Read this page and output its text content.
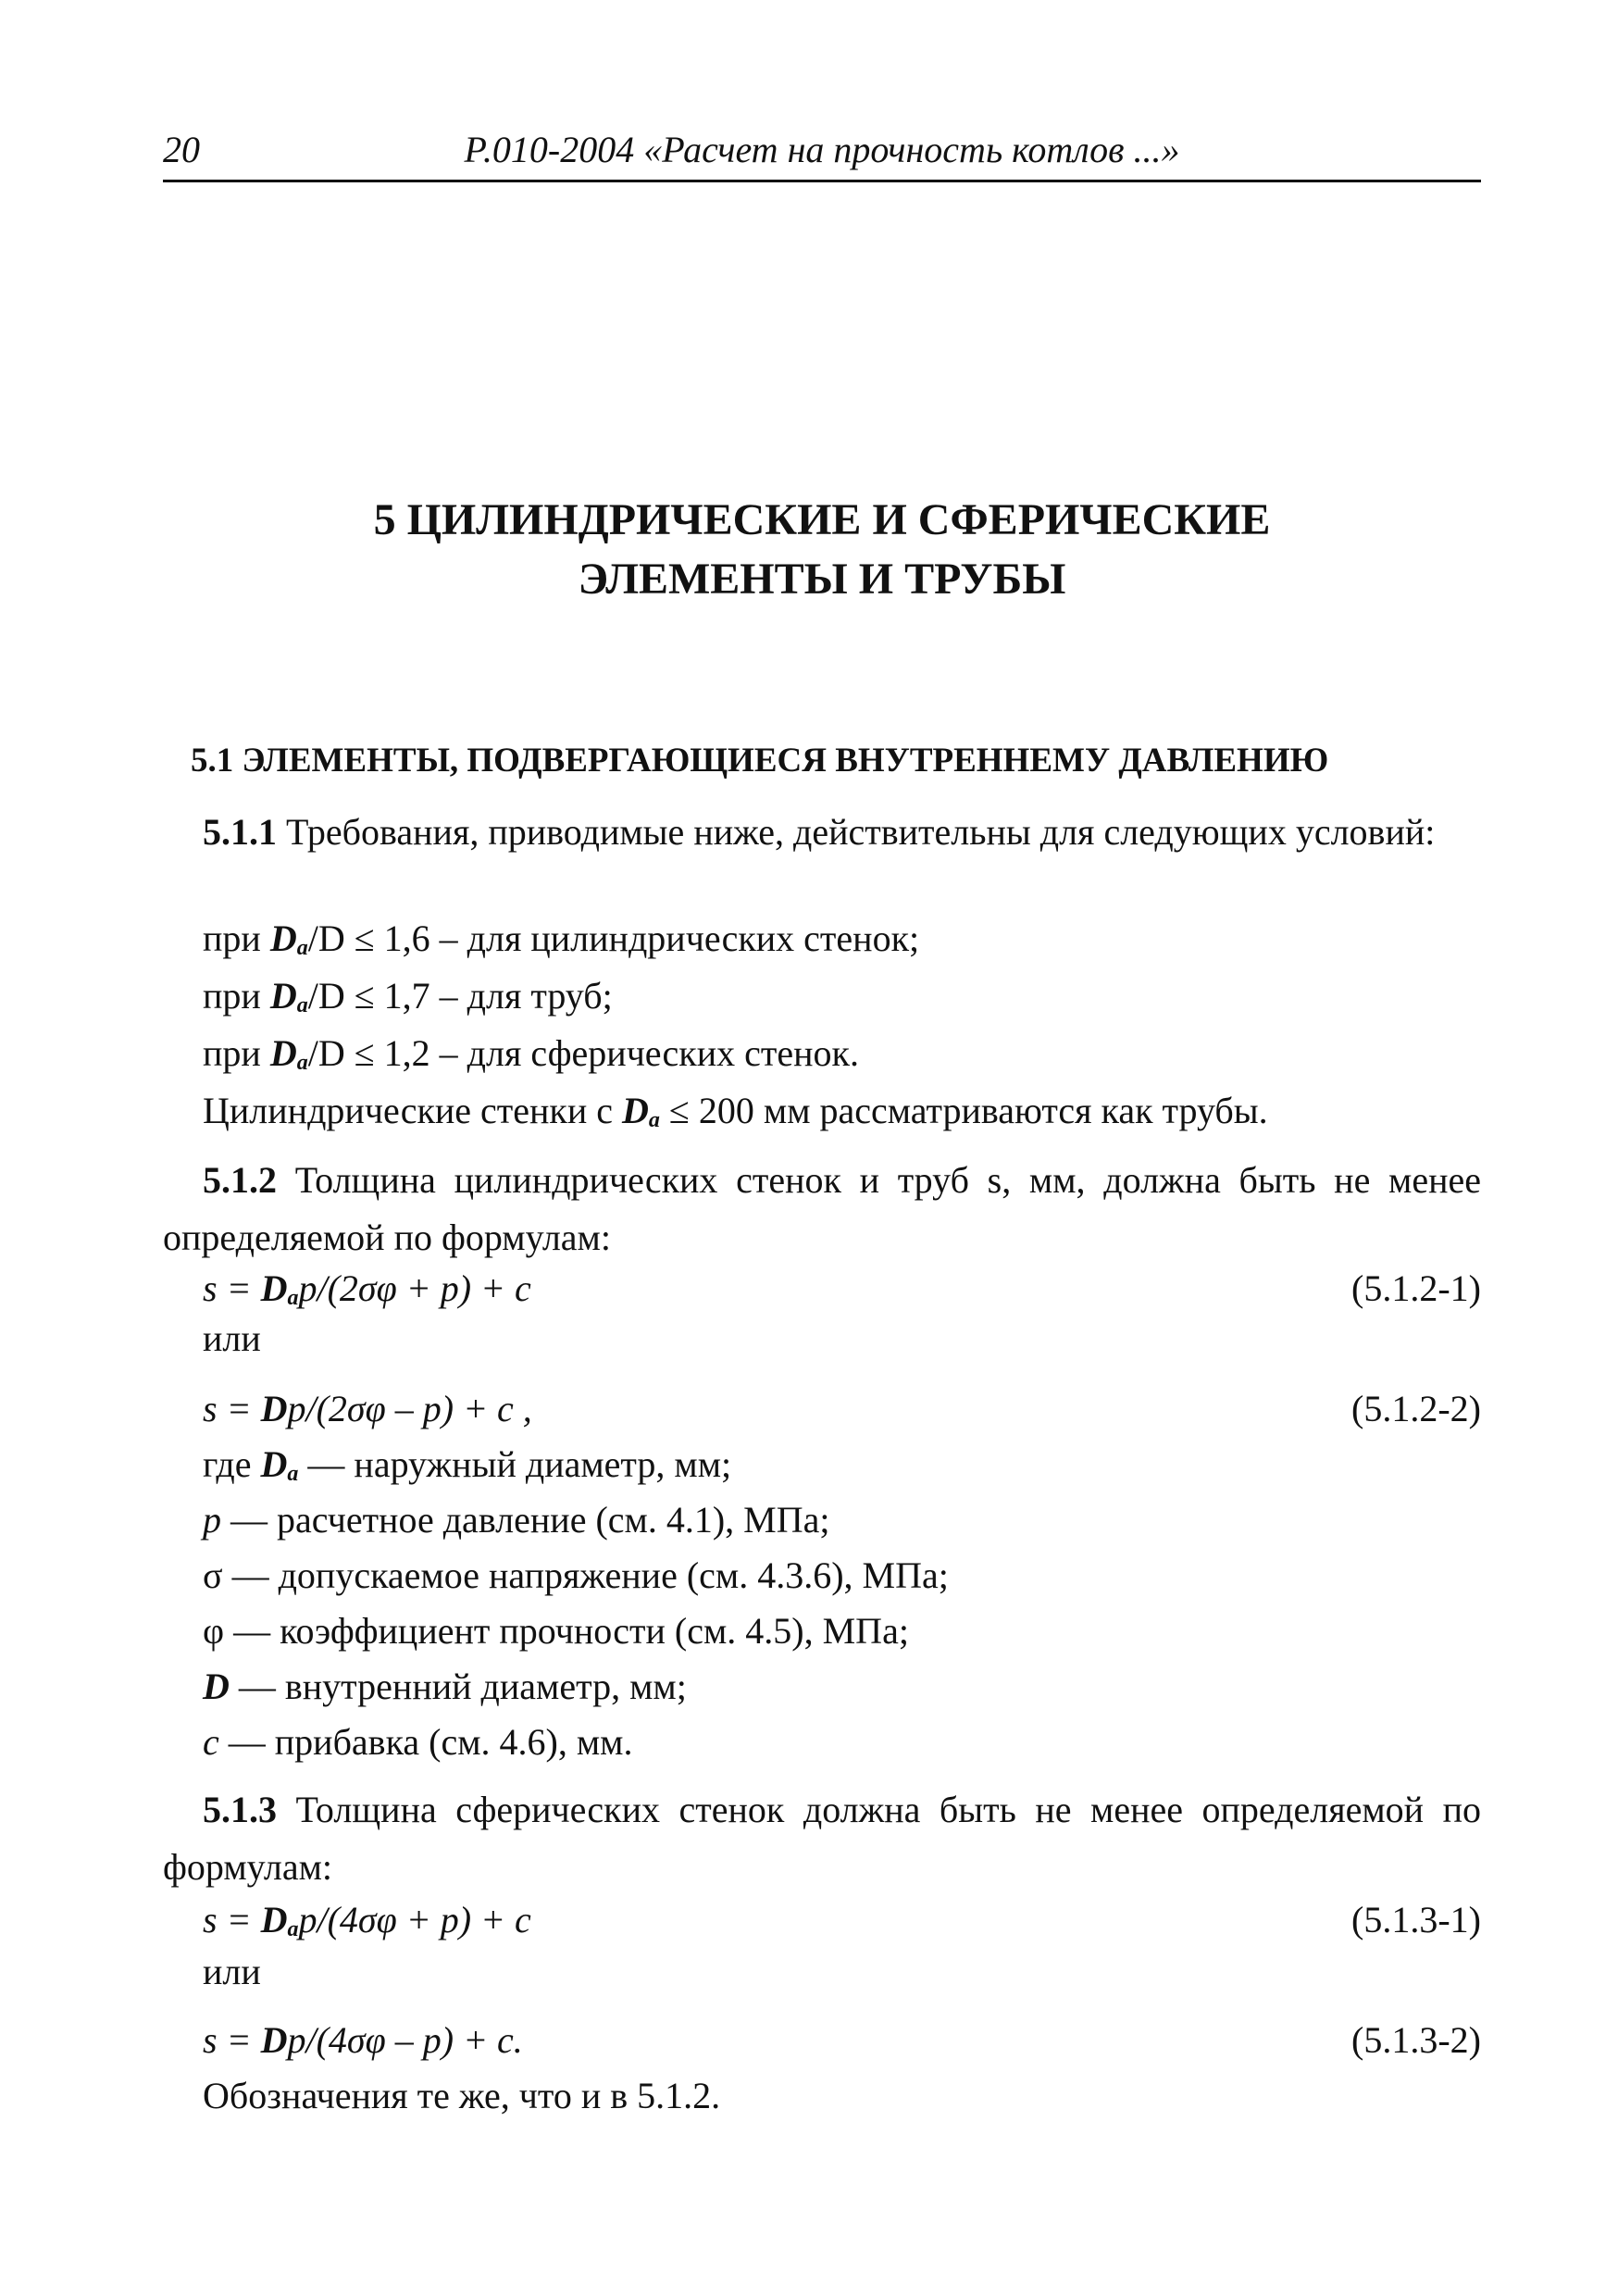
20	Р.010-2004 «Расчет на прочность котлов ...»
5 ЦИЛИНДРИЧЕСКИЕ И СФЕРИЧЕСКИЕ
ЭЛЕМЕНТЫ И ТРУБЫ
5.1 ЭЛЕМЕНТЫ, ПОДВЕРГАЮЩИЕСЯ ВНУТРЕННЕМУ ДАВЛЕНИЮ
5.1.1 Требования, приводимые ниже, действительны для следующих условий:
при $D_a/D \le 1,6$ – для цилиндрических стенок;
при $D_a/D \le 1,7$ – для труб;
при $D_a/D \le 1,2$ – для сферических стенок.
Цилиндрические стенки с $D_a \le 200$ мм рассматриваются как трубы.
5.1.2 Толщина цилиндрических стенок и труб s, мм, должна быть не менее определяемой по формулам:
$s = D_ap/(2\sigma\varphi + p) + c$	(5.1.2-1)
или
s = Dp/(2σφ – p) + c ,	(5.1.2-2)
где $D_a$ — наружный диаметр, мм;
p — расчетное давление (см. 4.1), МПа;
σ — допускаемое напряжение (см. 4.3.6), МПа;
φ — коэффициент прочности (см. 4.5), МПа;
D — внутренний диаметр, мм;
c — прибавка (см. 4.6), мм.
5.1.3 Толщина сферических стенок должна быть не менее определяемой по формулам:
$s = D_ap/(4\sigma\varphi + p) + c$	(5.1.3-1)
или
s = Dp/(4σφ – p) + c.	(5.1.3-2)
Обозначения те же, что и в 5.1.2.
